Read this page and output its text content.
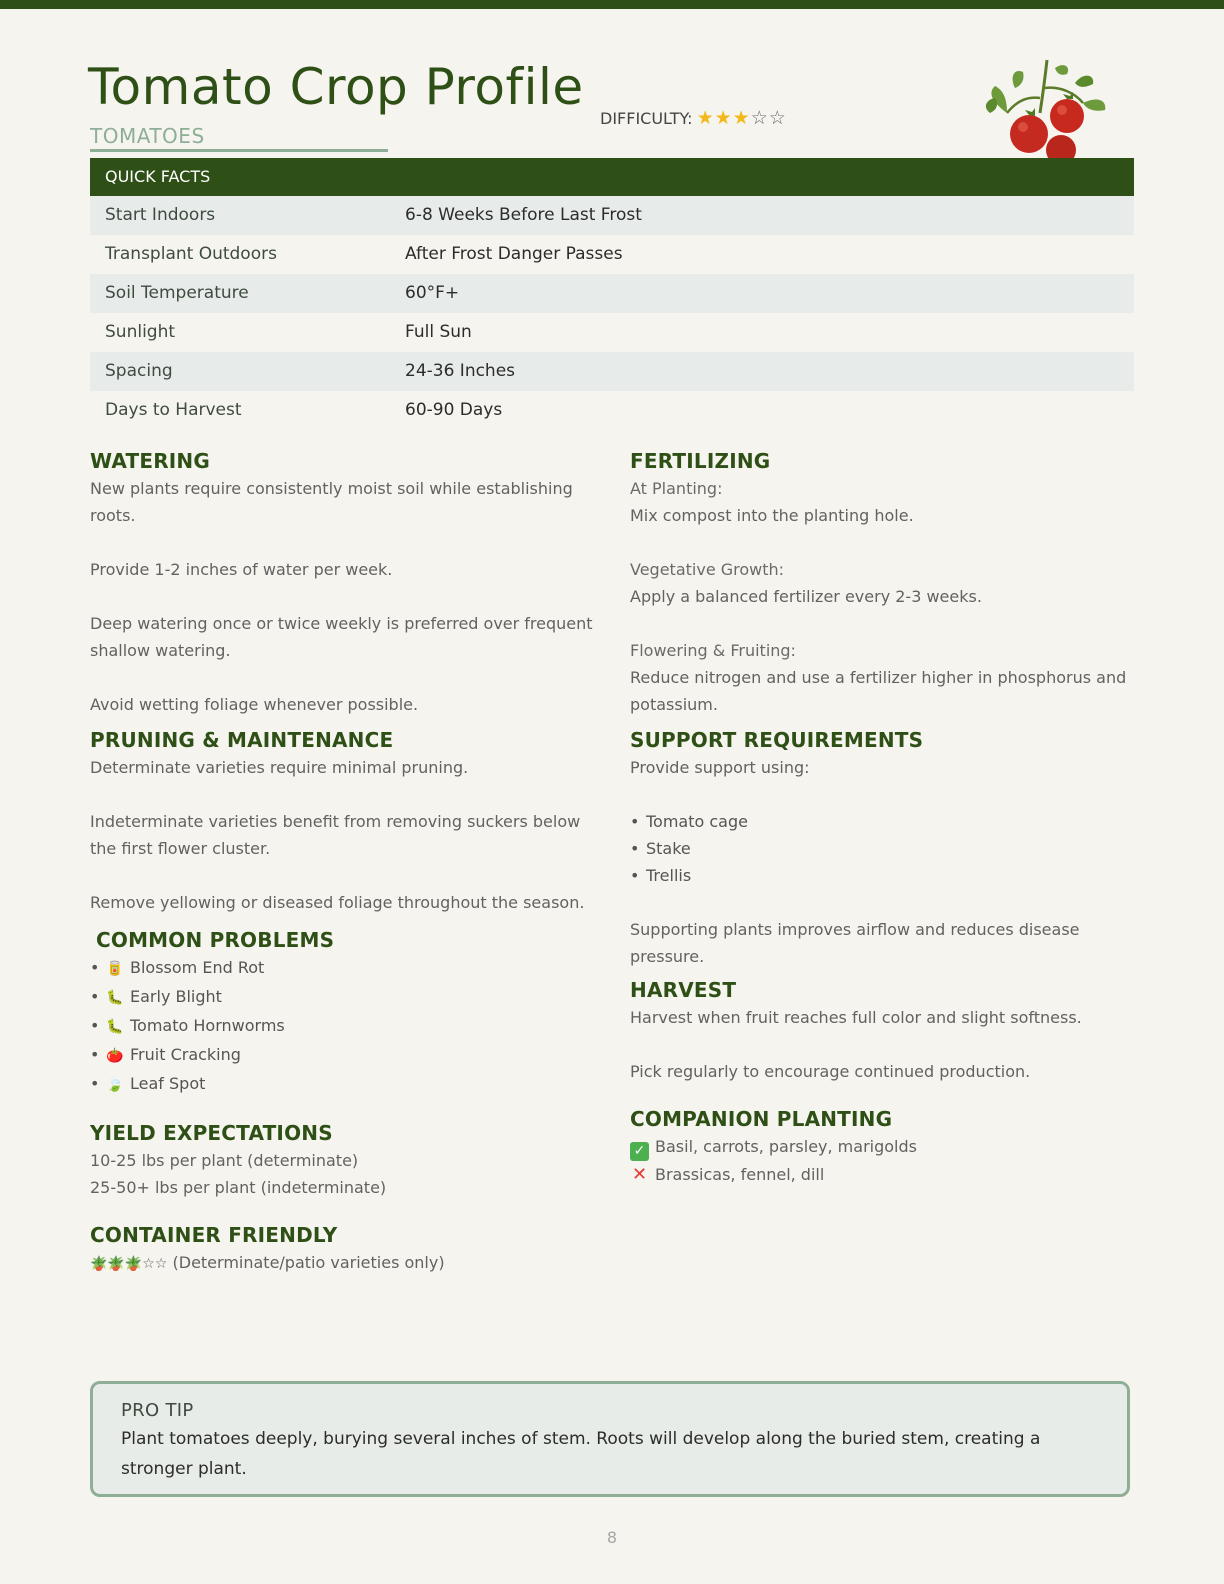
Tomato Crop Profile
TOMATOES
DIFFICULTY: ★★★☆☆
QUICK FACTS
Start Indoors	6-8 Weeks Before Last Frost
Transplant Outdoors	After Frost Danger Passes
Soil Temperature	60°F+
Sunlight	Full Sun
Spacing	24-36 Inches
Days to Harvest	60-90 Days
WATERING

New plants require consistently moist soil while establishing roots.

Provide 1-2 inches of water per week.

Deep watering once or twice weekly is preferred over frequent shallow watering.

Avoid wetting foliage whenever possible.

PRUNING & MAINTENANCE

Determinate varieties require minimal pruning.

Indeterminate varieties benefit from removing suckers below the first flower cluster.

Remove yellowing or diseased foliage throughout the season.

COMMON PROBLEMS
• 🥫 Blossom End Rot
• 🐛 Early Blight
• 🐛 Tomato Hornworms
• 🍅 Fruit Cracking
• 🍃 Leaf Spot
YIELD EXPECTATIONS

10-25 lbs per plant (determinate)

25-50+ lbs per plant (indeterminate)

CONTAINER FRIENDLY

🪴🪴🪴☆☆ (Determinate/patio varieties only)

FERTILIZING

At Planting:

Mix compost into the planting hole.

Vegetative Growth:

Apply a balanced fertilizer every 2-3 weeks.

Flowering & Fruiting:

Reduce nitrogen and use a fertilizer higher in phosphorus and potassium.

SUPPORT REQUIREMENTS

Provide support using:

• Tomato cage
• Stake
• Trellis

Supporting plants improves airflow and reduces disease pressure.

HARVEST

Harvest when fruit reaches full color and slight softness.

Pick regularly to encourage continued production.

COMPANION PLANTING

✓ Basil, carrots, parsley, marigolds

✕ Brassicas, fennel, dill

PRO TIP
Plant tomatoes deeply, burying several inches of stem. Roots will develop along the buried stem, creating a stronger plant.
8
